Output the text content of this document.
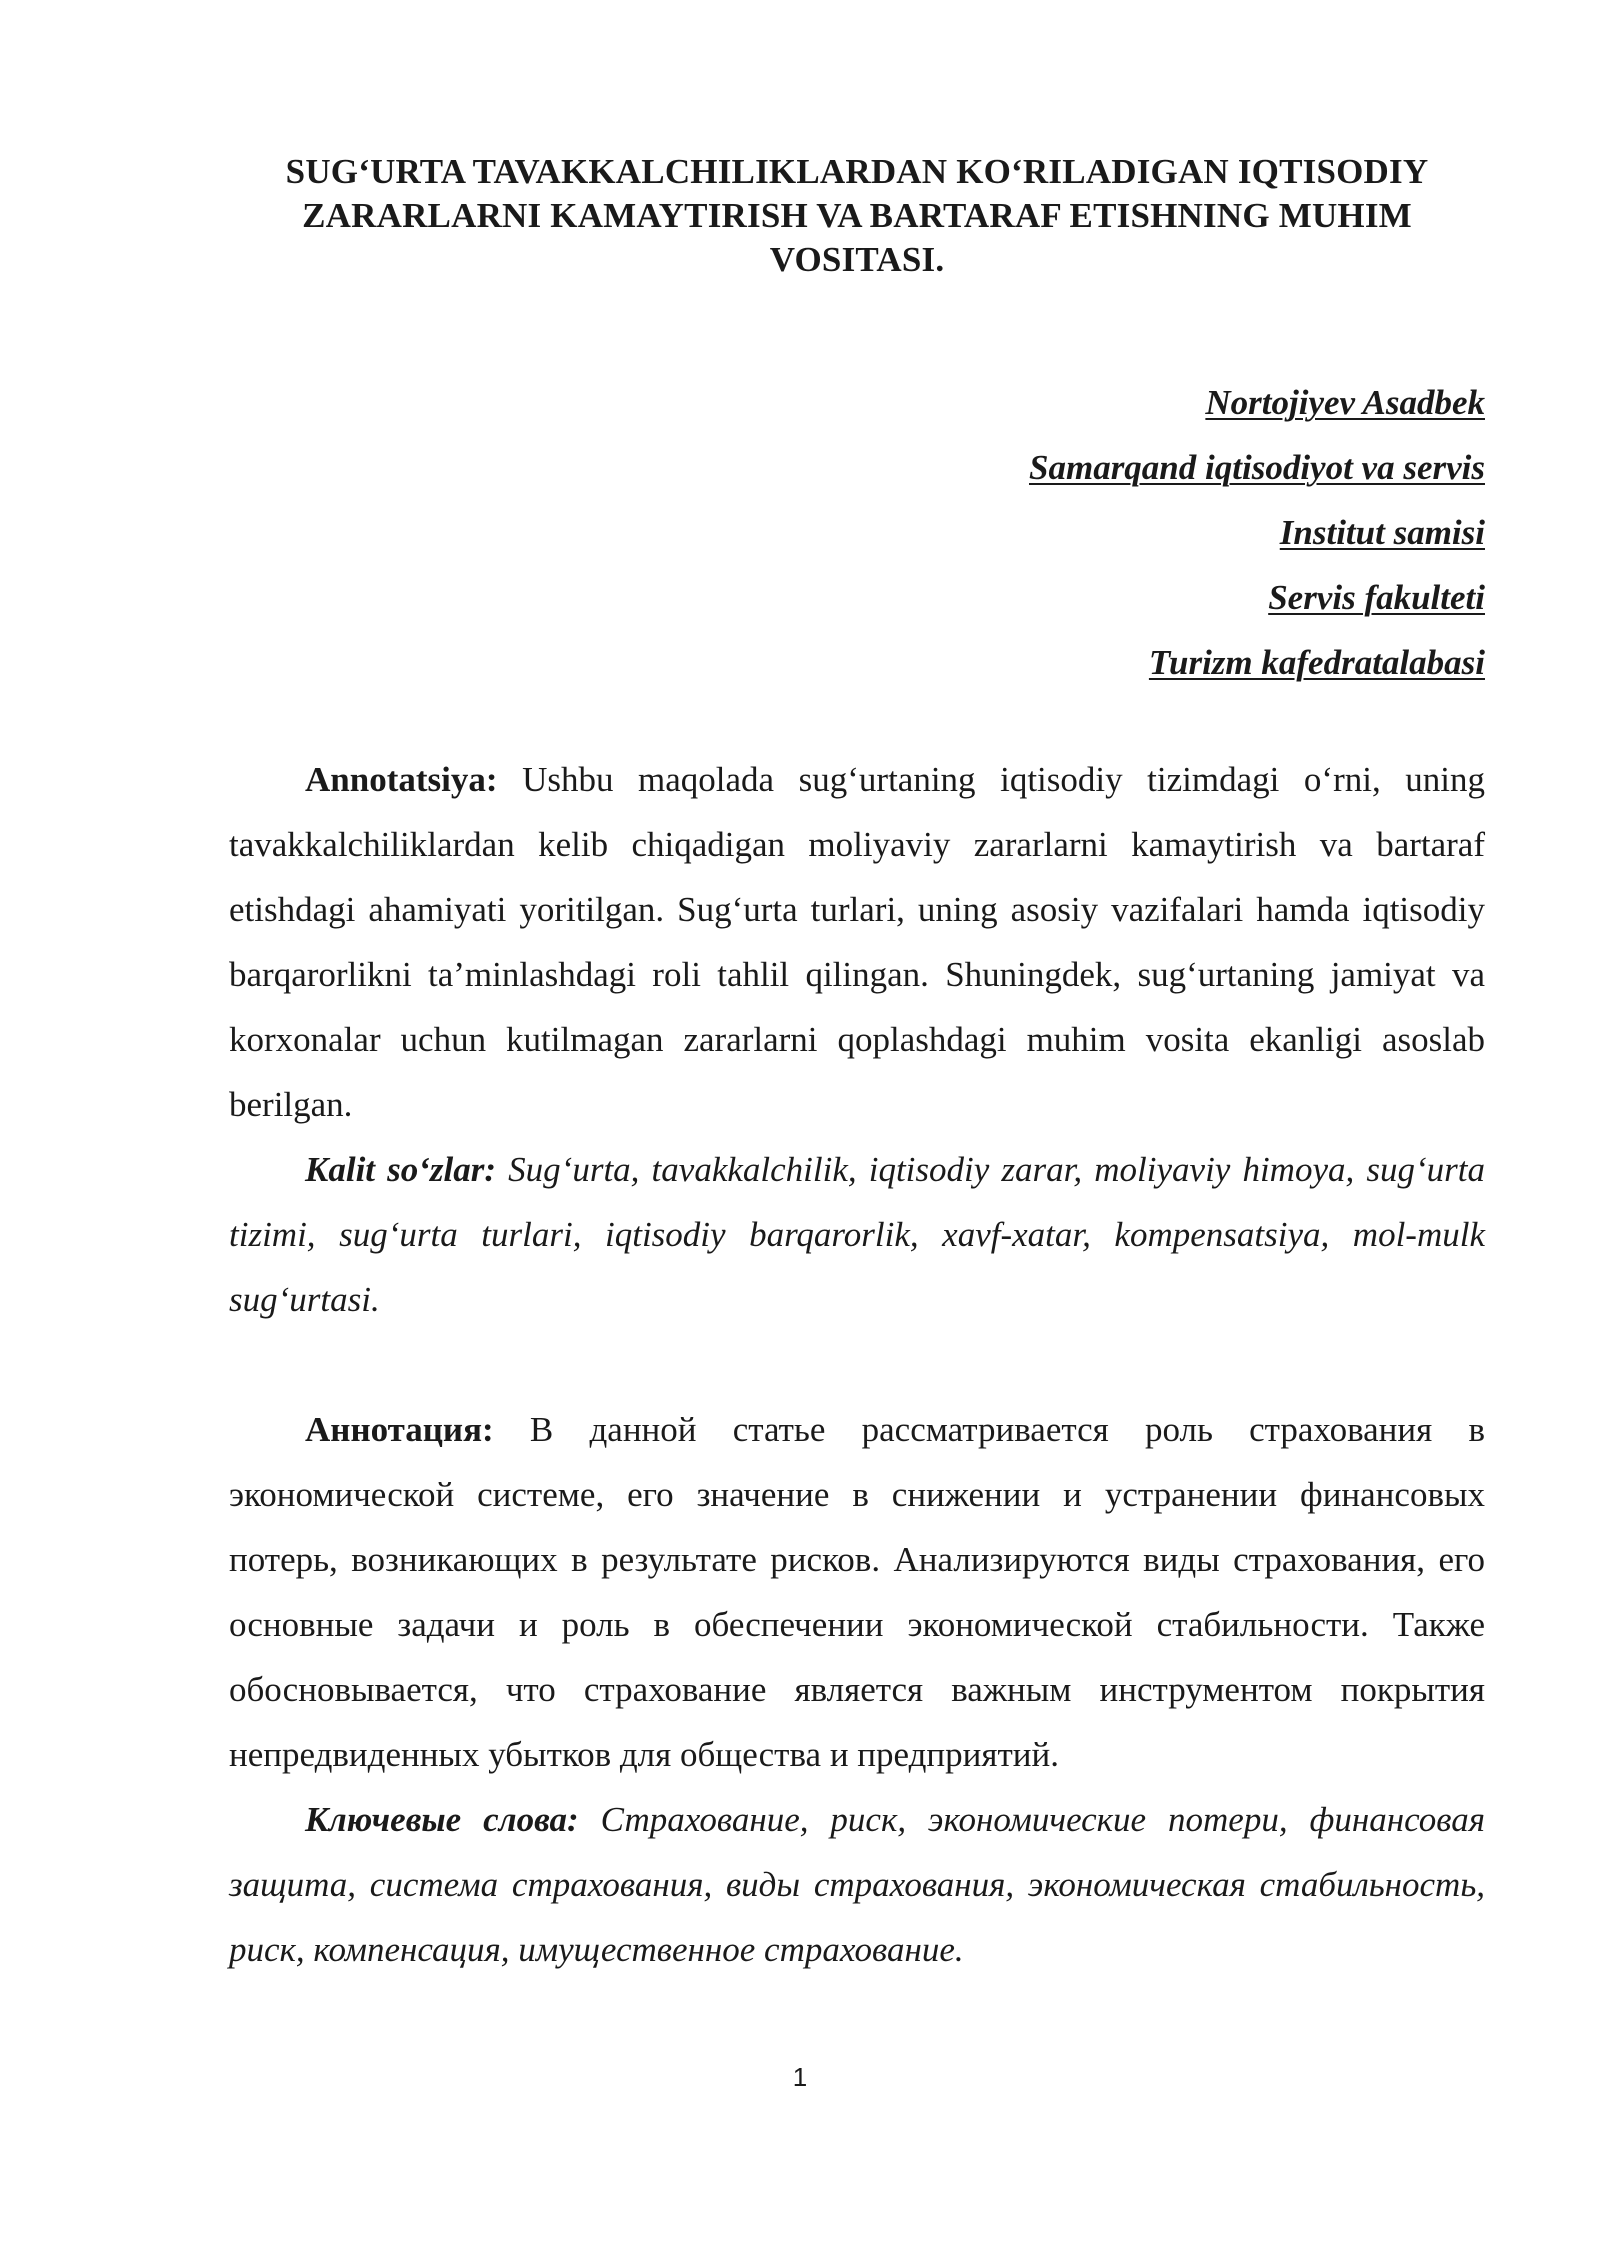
SUG‘URTA TAVAKKALCHILIKLARDAN KO‘RILADIGAN IQTISODIY ZARARLARNI KAMAYTIRISH VA BARTARAF ETISHNING MUHIM VOSITASI.
Nortojiyev Asadbek
Samarqand iqtisodiyot va servis
Institut samisi
Servis fakulteti
Turizm kafedratalabasi

Annotatsiya: Ushbu maqolada sug‘urtaning iqtisodiy tizimdagi o‘rni, uning tavakkalchiliklardan kelib chiqadigan moliyaviy zararlarni kamaytirish va bartaraf etishdagi ahamiyati yoritilgan. Sug‘urta turlari, uning asosiy vazifalari hamda iqtisodiy barqarorlikni ta’minlashdagi roli tahlil qilingan. Shuningdek, sug‘urtaning jamiyat va korxonalar uchun kutilmagan zararlarni qoplashdagi muhim vosita ekanligi asoslab berilgan.

Kalit so‘zlar: Sug‘urta, tavakkalchilik, iqtisodiy zarar, moliyaviy himoya, sug‘urta tizimi, sug‘urta turlari, iqtisodiy barqarorlik, xavf-xatar, kompensatsiya, mol-mulk sug‘urtasi.

Аннотация: В данной статье рассматривается роль страхования в экономической системе, его значение в снижении и устранении финансовых потерь, возникающих в результате рисков. Анализируются виды страхования, его основные задачи и роль в обеспечении экономической стабильности. Также обосновывается, что страхование является важным инструментом покрытия непредвиденных убытков для общества и предприятий.

Ключевые слова: Страхование, риск, экономические потери, финансовая защита, система страхования, виды страхования, экономическая стабильность, риск, компенсация, имущественное страхование.

1
